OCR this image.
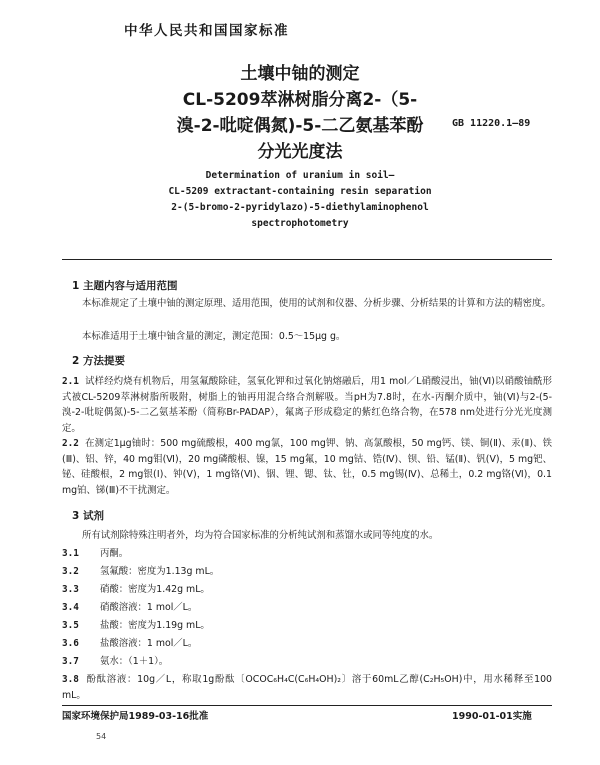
中华人民共和国国家标准
土壤中铀的测定
CL-5209萃淋树脂分离2-（5-
溴-2-吡啶偶氮)-5-二乙氨基苯酚
分光光度法
GB 11220.1—89
Determination of uranium in soil—
CL-5209 extractant-containing resin separation
2-(5-bromo-2-pyridylazo)-5-diethylaminophenol
spectrophotometry
1 主题内容与适用范围
本标准规定了土壤中铀的测定原理、适用范围，使用的试剂和仪器、分析步骤、分析结果的计算和方法的精密度。
本标准适用于土壤中铀含量的测定，测定范围：0.5～15μg g。
2 方法提要
2.1 试样经灼烧有机物后，用氢氟酸除硅，氢氧化钾和过氧化钠熔融后，用1 mol／L硝酸浸出，铀(Ⅵ)以硝酸铀酰形式被CL-5209萃淋树脂所吸附，树脂上的铀再用混合络合剂解吸。当pH为7.8时，在水-丙酮介质中，铀(Ⅵ)与2-(5-溴-2-吡啶偶氮)-5-二乙氨基苯酚（简称Br-PADAP），氟离子形成稳定的紫红色络合物，在578 nm处进行分光光度测定。
2.2 在测定1μg铀时：500 mg硫酸根，400 mg氯，100 mg钾、钠、高氯酸根，50 mg钙、镁、铜(Ⅱ)、汞(Ⅱ)、铁(Ⅲ)、铝、锌，40 mg钼(Ⅵ)，20 mg磷酸根、镍，15 mg氟，10 mg钴、锆(Ⅳ)、钡、铅、锰(Ⅱ)、钒(Ⅴ)，5 mg钯、铋、硅酸根，2 mg银(Ⅰ)、钟(Ⅴ)，1 mg铬(Ⅵ)、铟、锂、锶、钛、钍，0.5 mg锡(Ⅳ)、总稀土，0.2 mg铬(Ⅵ)，0.1 mg铂、锑(Ⅲ)不干扰测定。
3 试剂
所有试剂除特殊注明者外，均为符合国家标准的分析纯试剂和蒸馏水或同等纯度的水。
3.1 丙酮。
3.2 氢氟酸：密度为1.13g mL。
3.3 硝酸：密度为1.42g mL。
3.4 硝酸溶液：1 mol／L。
3.5 盐酸：密度为1.19g mL。
3.6 盐酸溶液：1 mol／L。
3.7 氨水：（1＋1）。
3.8 酚酞溶液：10g／L，称取1g酚酞〔OCOC₆H₄C(C₆H₄OH)₂〕溶于60mL乙醇(C₂H₅OH)中，用水稀释至100 mL。
国家环境保护局1989-03-16批准	1990-01-01实施
54
